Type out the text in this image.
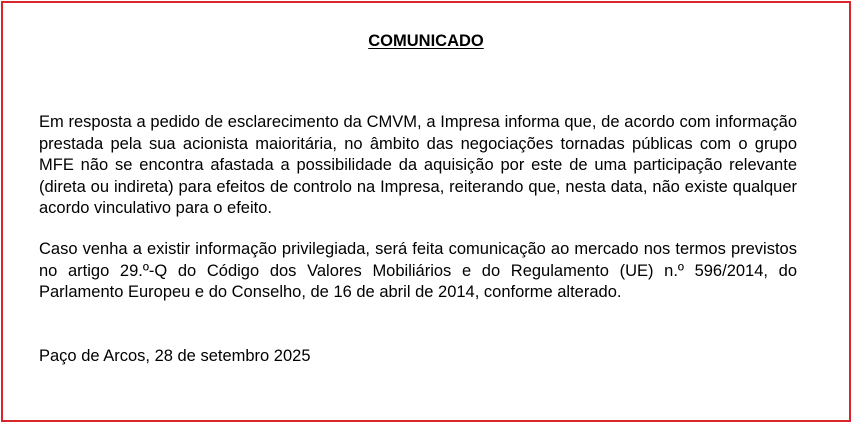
COMUNICADO

Em resposta a pedido de esclarecimento da CMVM, a Impresa informa que, de acordo com informação prestada pela sua acionista maioritária, no âmbito das negociações tornadas públicas com o grupo MFE não se encontra afastada a possibilidade da aquisição por este de uma participação relevante (direta ou indireta) para efeitos de controlo na Impresa, reiterando que, nesta data, não existe qualquer acordo vinculativo para o efeito.

Caso venha a existir informação privilegiada, será feita comunicação ao mercado nos termos previstos no artigo 29.º-Q do Código dos Valores Mobiliários e do Regulamento (UE) n.º 596/2014, do Parlamento Europeu e do Conselho, de 16 de abril de 2014, conforme alterado.

Paço de Arcos, 28 de setembro 2025
